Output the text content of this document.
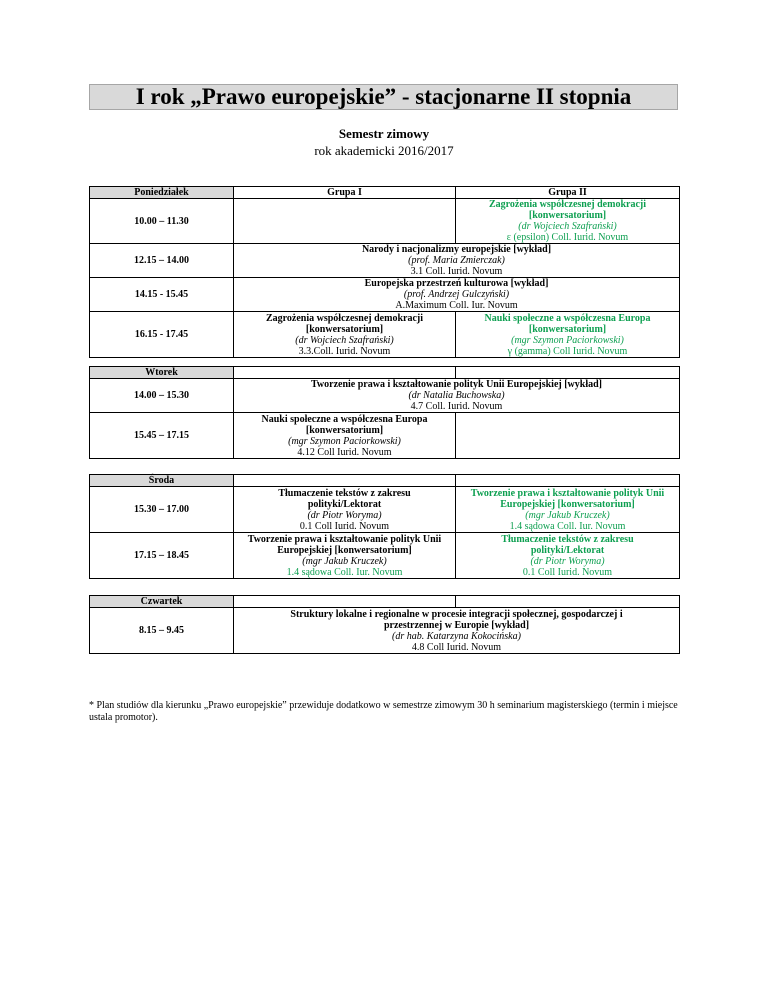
I rok „Prawo europejskie” - stacjonarne II stopnia
Semestr zimowy
rok akademicki 2016/2017
Poniedziałek	Grupa I	Grupa II
10.00 – 11.30		Zagrożenia współczesnej demokracji
[konwersatorium]
(dr Wojciech Szafrański)
ε (epsilon) Coll. Iurid. Novum

12.15 – 14.00	Narody i nacjonalizmy europejskie [wykład]
(prof. Maria Zmierczak)
3.1 Coll. Iurid. Novum	

14.15 - 15.45	Europejska przestrzeń kulturowa [wykład]
(prof. Andrzej Gulczyński)
A.Maximum Coll. Iur. Novum	

16.15 - 17.45	Zagrożenia współczesnej demokracji
[konwersatorium]
(dr Wojciech Szafrański)
3.3.Coll. Iurid. Novum	Nauki społeczne a współczesna Europa
[konwersatorium]
(mgr Szymon Paciorkowski)
γ (gamma) Coll Iurid. Novum
Wtorek		
14.00 – 15.30	Tworzenie prawa i kształtowanie polityk Unii Europejskiej [wykład]
(dr Natalia Buchowska)
4.7 Coll. Iurid. Novum	

15.45 – 17.15	Nauki społeczne a współczesna Europa
[konwersatorium]
(mgr Szymon Paciorkowski)
4.12 Coll Iurid. Novum	

Środa		
15.30 – 17.00	Tłumaczenie tekstów z zakresu
polityki/Lektorat
(dr Piotr Woryma)
0.1 Coll Iurid. Novum	Tworzenie prawa i kształtowanie polityk Unii
Europejskiej [konwersatorium]
(mgr Jakub Kruczek)
1.4 sądowa Coll. Iur. Novum

17.15 – 18.45	Tworzenie prawa i kształtowanie polityk Unii
Europejskiej [konwersatorium]
(mgr Jakub Kruczek)
1.4 sądowa Coll. Iur. Novum	Tłumaczenie tekstów z zakresu
polityki/Lektorat
(dr Piotr Woryma)
0.1 Coll Iurid. Novum
Czwartek		
8.15 – 9.45	Struktury lokalne i regionalne w procesie integracji społecznej, gospodarczej i przestrzennej w Europie [wykład]
(dr hab. Katarzyna Kokocińska)
4.8 Coll Iurid. Novum	
* Plan studiów dla kierunku „Prawo europejskie” przewiduje dodatkowo w semestrze zimowym 30 h seminarium magisterskiego (termin i miejsce ustala promotor).
